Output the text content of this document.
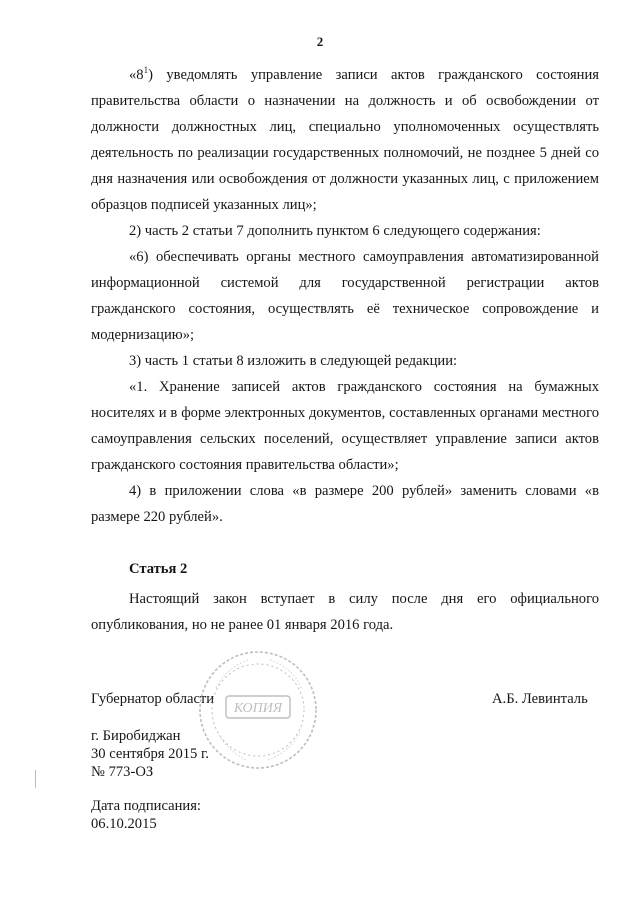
2

«$8^1$) уведомлять управление записи актов гражданского состояния правительства области о назначении на должность и об освобождении от должности должностных лиц, специально уполномоченных осуществлять деятельность по реализации государственных полномочий, не позднее 5 дней со дня назначения или освобождения от должности указанных лиц, с приложением образцов подписей указанных лиц»;

2) часть 2 статьи 7 дополнить пунктом 6 следующего содержания:

«6) обеспечивать органы местного самоуправления автоматизированной информационной системой для государственной регистрации актов гражданского состояния, осуществлять её техническое сопровождение и модернизацию»;

3) часть 1 статьи 8 изложить в следующей редакции:

«1. Хранение записей актов гражданского состояния на бумажных носителях и в форме электронных документов, составленных органами местного самоуправления сельских поселений, осуществляет управление записи актов гражданского состояния правительства области»;

4) в приложении слова «в размере 200 рублей» заменить словами «в размере 220 рублей».

Статья 2

Настоящий закон вступает в силу после дня его официального опубликования, но не ранее 01 января 2016 года.

Губернатор области	А.Б. Левинталь
г. Биробиджан
30 сентября 2015 г.
№ 773-ОЗ
Дата подписания:
06.10.2015
КОПИЯ
